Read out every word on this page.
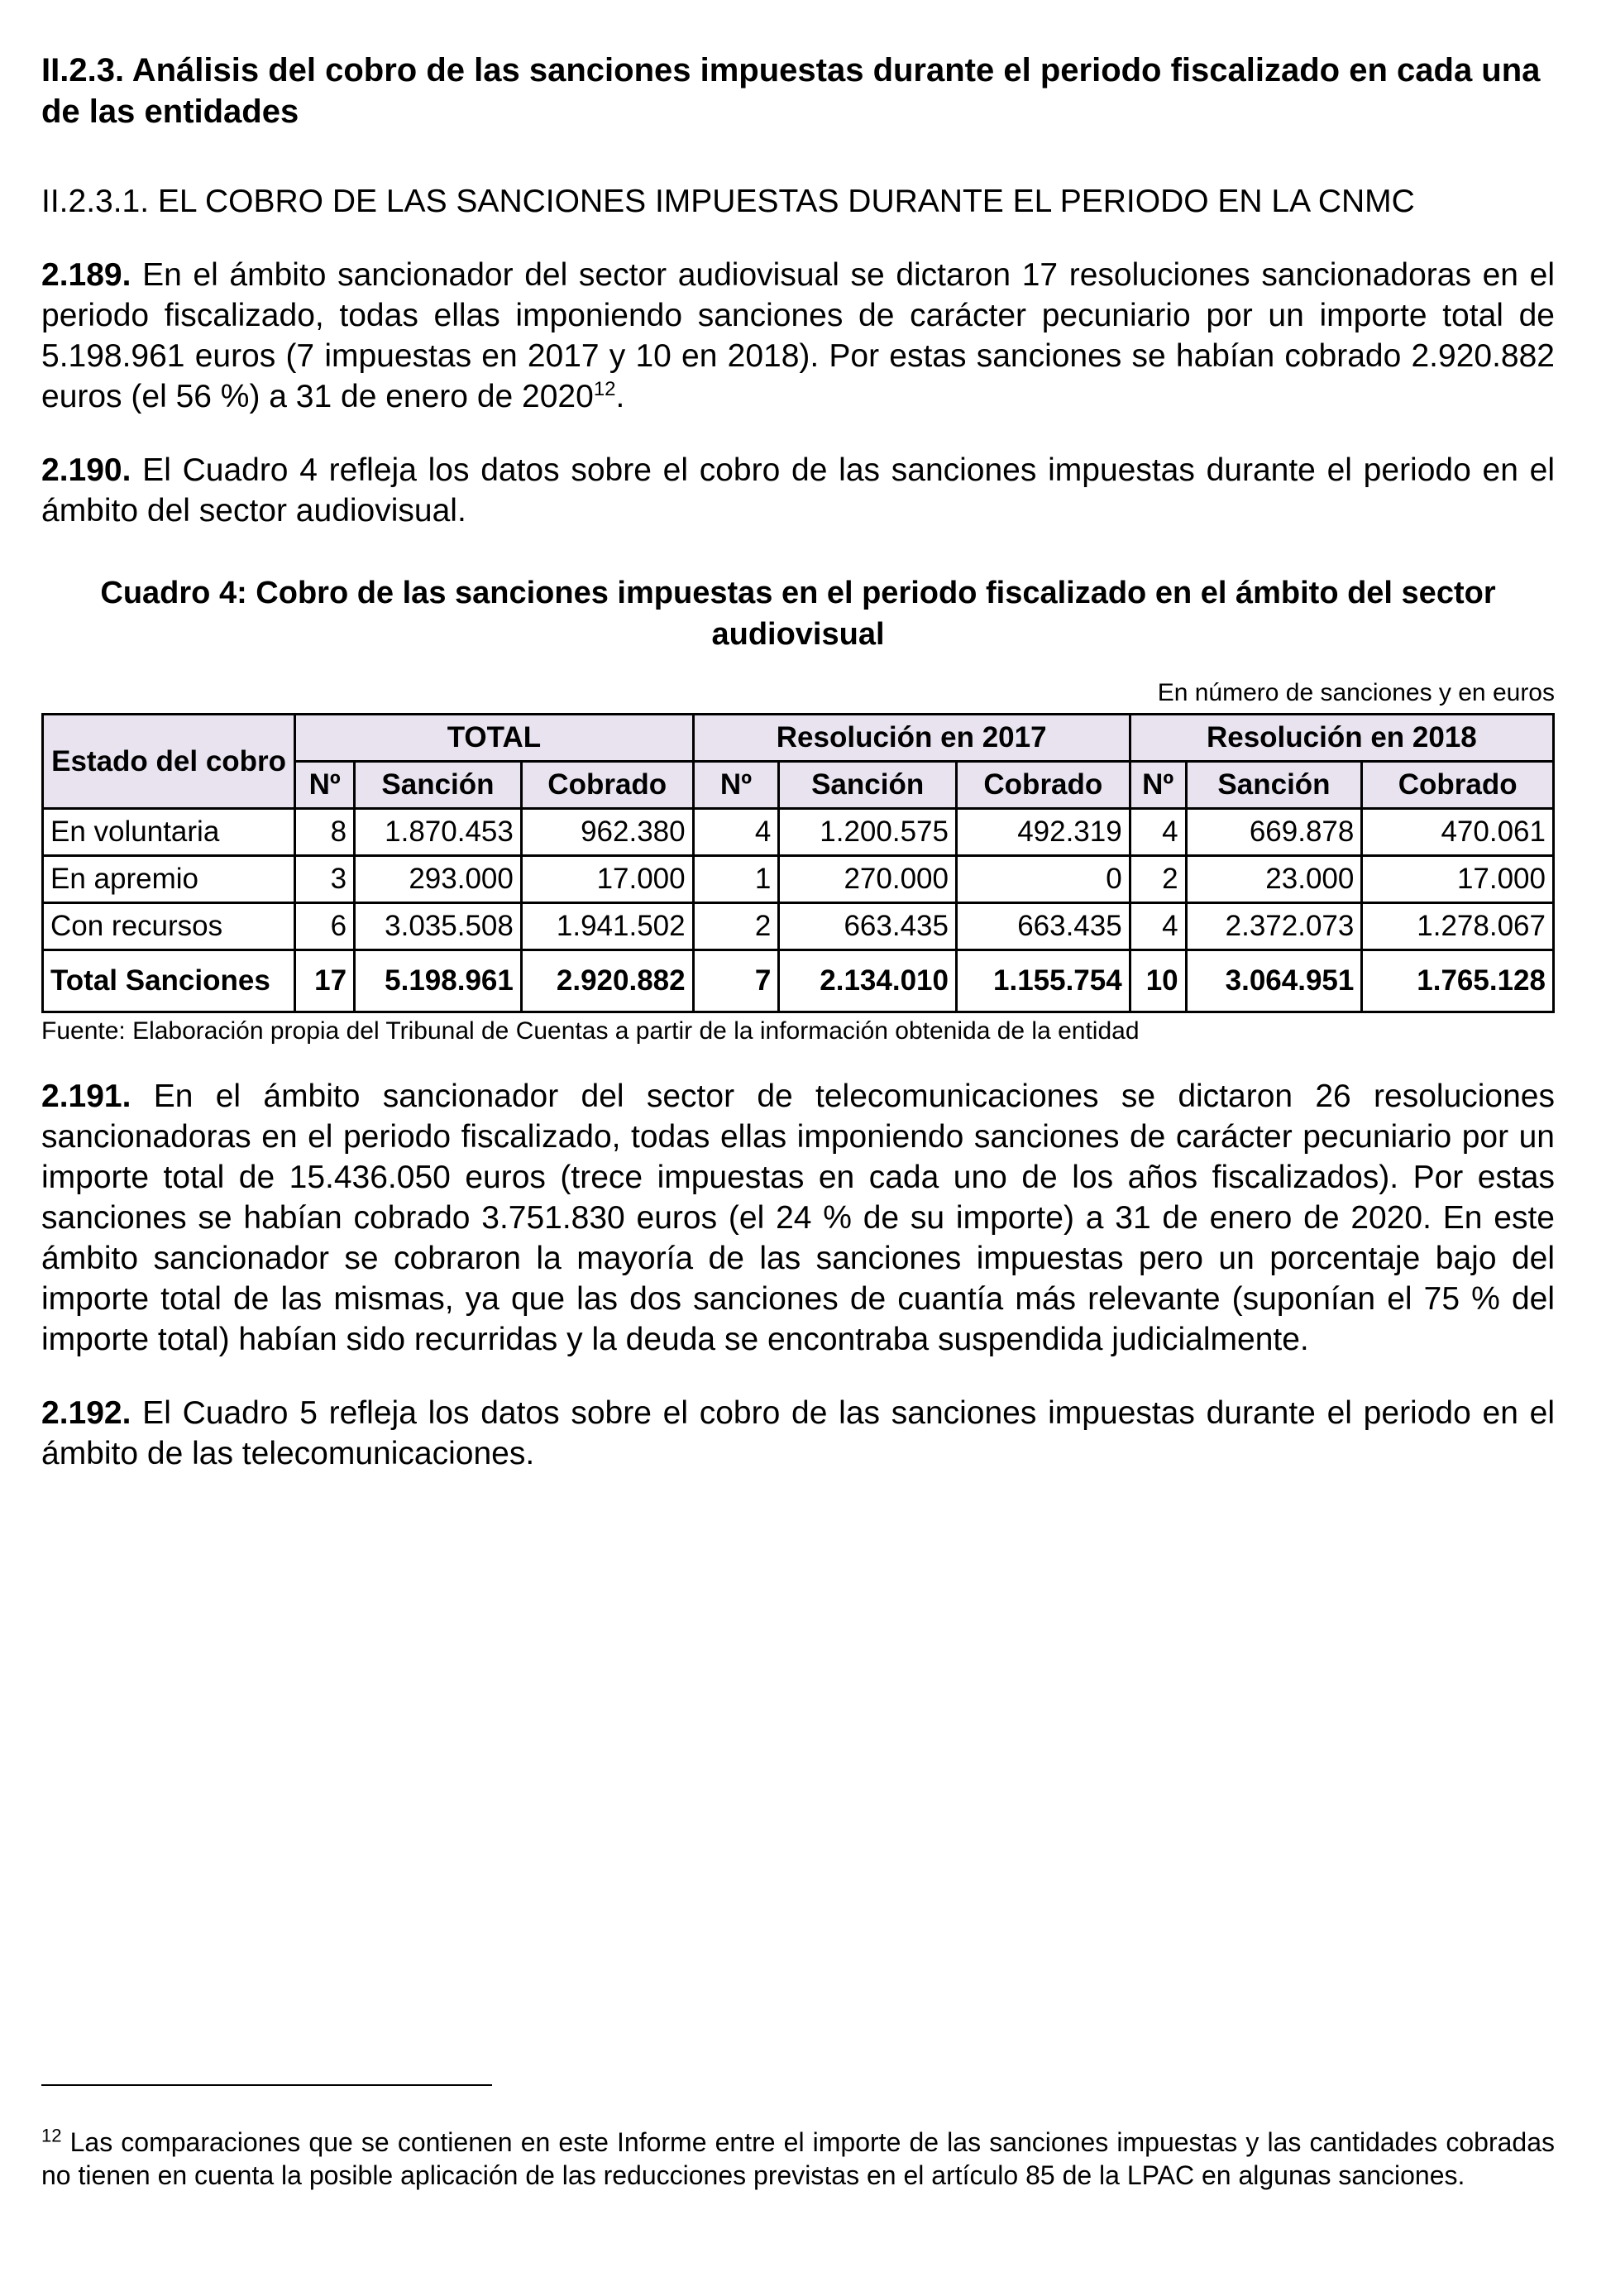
II.2.3. Análisis del cobro de las sanciones impuestas durante el periodo fiscalizado en cada una de las entidades

II.2.3.1. EL COBRO DE LAS SANCIONES IMPUESTAS DURANTE EL PERIODO EN LA CNMC

2.189. En el ámbito sancionador del sector audiovisual se dictaron 17 resoluciones sancionadoras en el periodo fiscalizado, todas ellas imponiendo sanciones de carácter pecuniario por un importe total de 5.198.961 euros (7 impuestas en 2017 y 10 en 2018). Por estas sanciones se habían cobrado 2.920.882 euros (el 56 %) a 31 de enero de 2020$^{12}$.

2.190. El Cuadro 4 refleja los datos sobre el cobro de las sanciones impuestas durante el periodo en el ámbito del sector audiovisual.

Cuadro 4: Cobro de las sanciones impuestas en el periodo fiscalizado en el ámbito del sector audiovisual

En número de sanciones y en euros

Estado del cobro	TOTAL			Resolución en 2017			Resolución en 2018		
	Nº	Sanción	Cobrado	Nº	Sanción	Cobrado	Nº	Sanción	Cobrado
En voluntaria	8	1.870.453	962.380	4	1.200.575	492.319	4	669.878	470.061
En apremio	3	293.000	17.000	1	270.000	0	2	23.000	17.000
Con recursos	6	3.035.508	1.941.502	2	663.435	663.435	4	2.372.073	1.278.067
Total Sanciones	17	5.198.961	2.920.882	7	2.134.010	1.155.754	10	3.064.951	1.765.128

Fuente: Elaboración propia del Tribunal de Cuentas a partir de la información obtenida de la entidad

2.191. En el ámbito sancionador del sector de telecomunicaciones se dictaron 26 resoluciones sancionadoras en el periodo fiscalizado, todas ellas imponiendo sanciones de carácter pecuniario por un importe total de 15.436.050 euros (trece impuestas en cada uno de los años fiscalizados). Por estas sanciones se habían cobrado 3.751.830 euros (el 24 % de su importe) a 31 de enero de 2020. En este ámbito sancionador se cobraron la mayoría de las sanciones impuestas pero un porcentaje bajo del importe total de las mismas, ya que las dos sanciones de cuantía más relevante (suponían el 75 % del importe total) habían sido recurridas y la deuda se encontraba suspendida judicialmente.

2.192. El Cuadro 5 refleja los datos sobre el cobro de las sanciones impuestas durante el periodo en el ámbito de las telecomunicaciones.

$^{12}$ Las comparaciones que se contienen en este Informe entre el importe de las sanciones impuestas y las cantidades cobradas no tienen en cuenta la posible aplicación de las reducciones previstas en el artículo 85 de la LPAC en algunas sanciones.
